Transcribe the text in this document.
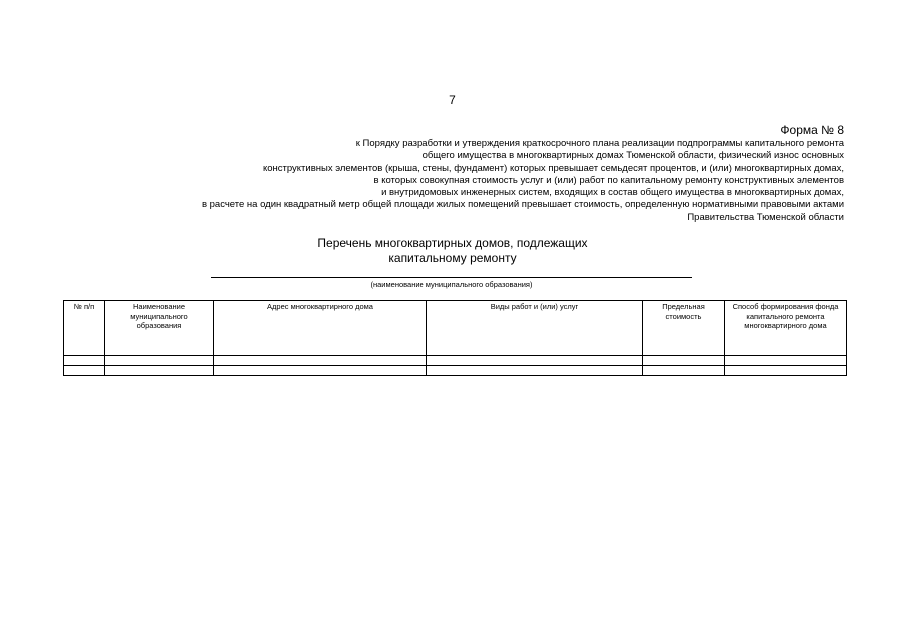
7
Форма № 8
к Порядку разработки и утверждения краткосрочного плана реализации подпрограммы капитального ремонта
общего имущества в многоквартирных домах Тюменской области, физический износ основных
конструктивных элементов (крыша, стены, фундамент) которых превышает семьдесят процентов, и (или) многоквартирных домах,
в которых совокупная стоимость услуг и (или) работ по капитальному ремонту конструктивных элементов
и внутридомовых инженерных систем, входящих в состав общего имущества в многоквартирных домах,
в расчете на один квадратный метр общей площади жилых помещений превышает стоимость, определенную нормативными правовыми актами
Правительства Тюменской области
Перечень многоквартирных домов, подлежащих
капитальному ремонту
(наименование муниципального образования)
№ п/п	Наименование муниципального образования	Адрес многоквартирного дома	Виды работ и (или) услуг	Предельная стоимость	Способ формирования фонда капитального ремонта многоквартирного дома
